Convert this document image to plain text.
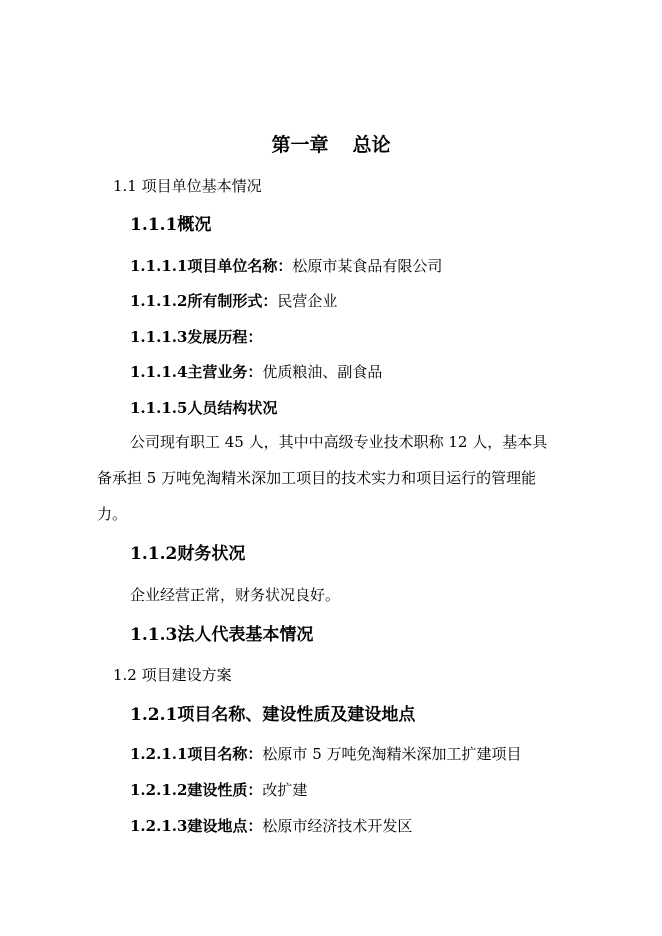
第一章 总论
1.1 项目单位基本情况
1.1.1概况
1.1.1.1项目单位名称：松原市某食品有限公司
1.1.1.2所有制形式：民营企业
1.1.1.3发展历程：
1.1.1.4主营业务：优质粮油、副食品
1.1.1.5人员结构状况
公司现有职工 45 人，其中中高级专业技术职称 12 人，基本具
备承担 5 万吨免淘精米深加工项目的技术实力和项目运行的管理能
力。
1.1.2财务状况
企业经营正常，财务状况良好。
1.1.3法人代表基本情况
1.2 项目建设方案
1.2.1项目名称、建设性质及建设地点
1.2.1.1项目名称：松原市 5 万吨免淘精米深加工扩建项目
1.2.1.2建设性质：改扩建
1.2.1.3建设地点：松原市经济技术开发区
